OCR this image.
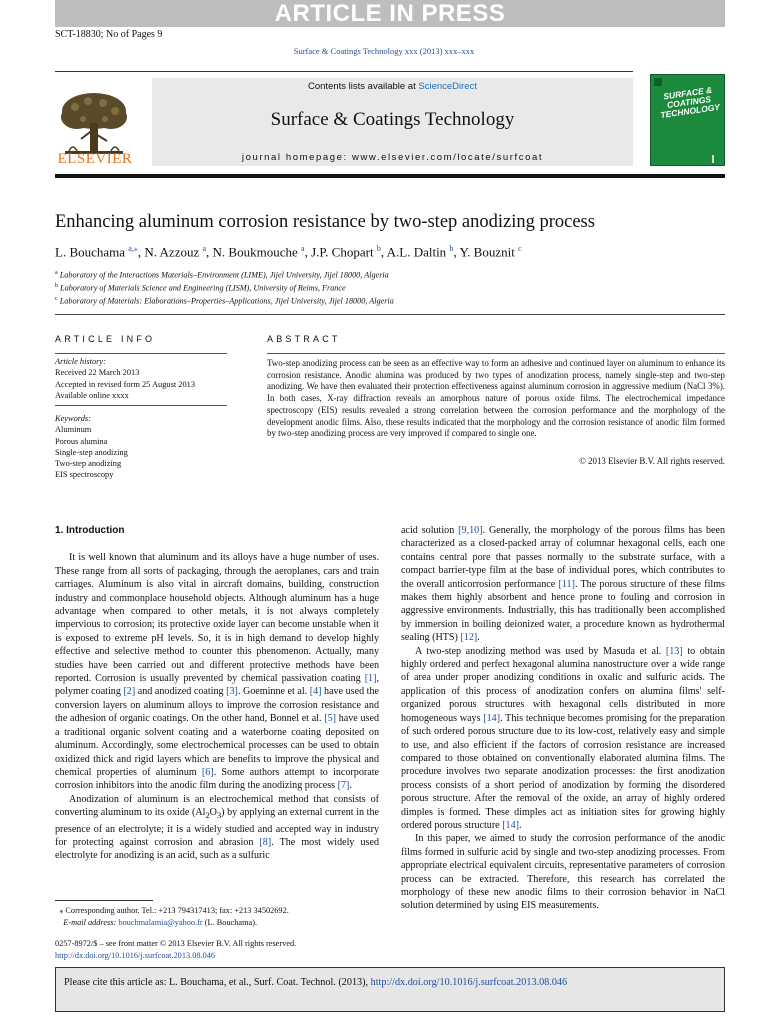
ARTICLE IN PRESS
SCT-18830; No of Pages 9
Surface & Coatings Technology xxx (2013) xxx–xxx
ELSEVIER
Contents lists available at ScienceDirect
Surface & Coatings Technology
journal homepage: www.elsevier.com/locate/surfcoat
SURFACE & COATINGS TECHNOLOGY
Enhancing aluminum corrosion resistance by two-step anodizing process
L. Bouchama $^{a,⁎}$, N. Azzouz $^a$, N. Boukmouche $^a$, J.P. Chopart $^b$, A.L. Daltin $^b$, Y. Bouznit $^c$
$^a$ Laboratory of the Interactions Materials–Environment (LIME), Jijel University, Jijel 18000, Algeria
$^b$ Laboratory of Materials Science and Engineering (LISM), University of Reims, France
$^c$ Laboratory of Materials: Elaborations–Properties–Applications, Jijel University, Jijel 18000, Algeria
ARTICLE INFO
Article history:
Received 22 March 2013
Accepted in revised form 25 August 2013
Available online xxxx
Keywords:
Aluminum
Porous alumina
Single-step anodizing
Two-step anodizing
EIS spectroscopy
ABSTRACT
Two-step anodizing process can be seen as an effective way to form an adhesive and continued layer on aluminum to enhance its corrosion resistance. Anodic alumina was produced by two types of anodization process, namely single-step and two-step anodizing. We have then evaluated their protection effectiveness against aluminum corrosion in aggressive medium (NaCl 3%). In both cases, X-ray diffraction reveals an amorphous nature of porous oxide films. The electrochemical impedance spectroscopy (EIS) results revealed a strong correlation between the corrosion performance and the morphology of the development anodic films. Also, these results indicated that the morphology and the corrosion resistance of anodic film formed by two-step anodizing process are very improved if compared to single one.
© 2013 Elsevier B.V. All rights reserved.
1. Introduction

It is well known that aluminum and its alloys have a huge number of uses. These range from all sorts of packaging, through the aeroplanes, cars and train carriages. Aluminum is also vital in aircraft domains, building, construction industry and commonplace household objects. Although aluminum has a huge advantage when compared to other metals, it is not always completely impervious to corrosion; its protective oxide layer can become unstable when it is exposed to extreme pH levels. So, it is in high demand to develop highly effective and selective method to counter this phenomenon. Actually, many studies have been carried out and different protective methods have been reported. Corrosion is usually prevented by chemical passivation coating [1], polymer coating [2] and anodized coating [3]. Goeminne et al. [4] have used the conversion layers on aluminum alloys to improve the corrosion resistance and the adhesion of organic coatings. On the other hand, Bonnel et al. [5] have used a traditional organic solvent coating and a waterborne coating deposited on aluminum. Accordingly, some electrochemical processes can be used to obtain oxidized thick and rigid layers which are benefits to improve the physical and chemical properties of aluminum [6]. Some authors attempt to incorporate corrosion inhibitors into the anodic film during the anodizing process [7].

Anodization of aluminum is an electrochemical method that consists of converting aluminum to its oxide $(Al_2O_3)$ by applying an external current in the presence of an electrolyte; it is a widely studied and accepted way in industry for protecting against corrosion and abrasion [8]. The most widely used electrolyte for anodizing is an acid, such as a sulfuric

acid solution [9,10]. Generally, the morphology of the porous films has been characterized as a closed-packed array of columnar hexagonal cells, each one contains central pore that passes normally to the substrate surface, with a compact barrier-type film at the base of individual pores, which contributes to the overall anticorrosion performance [11]. The porous structure of these films makes them highly absorbent and hence prone to fouling and corrosion in aggressive environments. Industrially, this has traditionally been accomplished by immersion in boiling deionized water, a procedure known as hydrothermal sealing (HTS) [12].

A two-step anodizing method was used by Masuda et al. [13] to obtain highly ordered and perfect hexagonal alumina nanostructure over a wide range of area under proper anodizing conditions in oxalic and sulfuric acids. The application of this process of anodization confers on alumina films' self-organized porous structures with hexagonal cells distributed in more homogeneous ways [14]. This technique becomes promising for the preparation of such ordered porous structure due to its low-cost, relatively easy and simple to use, and also efficient if the factors of corrosion resistance are increased compared to those obtained on conventionally elaborated alumina films. The procedure involves two separate anodization processes: the first anodization process consists of a short period of anodization by forming the disordered porous structure. After the removal of the oxide, an array of highly ordered dimples is formed. These dimples act as initiation sites for growing highly ordered porous structure [14].

In this paper, we aimed to study the corrosion performance of the anodic films formed in sulfuric acid by single and two-step anodizing processes. From appropriate electrical equivalent circuits, representative parameters of corrosion process can be extracted. Therefore, this research has correlated the morphology of these new anodic films to their corrosion behavior in NaCl solution determined by using EIS measurements.

⁎ Corresponding author. Tel.: +213 794317413; fax: +213 34502692.
E-mail address: bouchmalamia@yahoo.fr (L. Bouchama).
0257-8972/$ – see front matter © 2013 Elsevier B.V. All rights reserved.
http://dx.doi.org/10.1016/j.surfcoat.2013.08.046
Please cite this article as: L. Bouchama, et al., Surf. Coat. Technol. (2013), http://dx.doi.org/10.1016/j.surfcoat.2013.08.046
